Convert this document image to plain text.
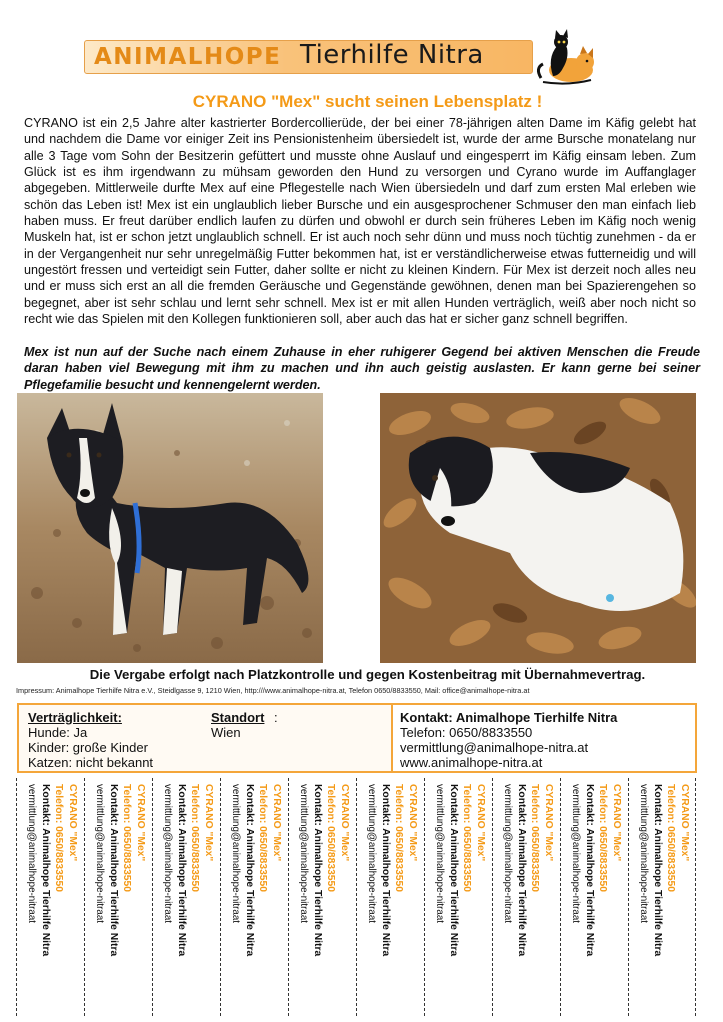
ANIMALHOPE Tierhilfe Nitra
CYRANO "Mex" sucht seinen Lebensplatz !
CYRANO ist ein 2,5 Jahre alter kastrierter Bordercollierüde, der bei einer 78-jährigen alten Dame im Käfig gelebt hat und nachdem die Dame vor einiger Zeit ins Pensionistenheim übersiedelt ist, wurde der arme Bursche monatelang nur alle 3 Tage vom Sohn der Besitzerin gefüttert und musste ohne Auslauf und eingesperrt im Käfig einsam leben. Zum Glück ist es ihm irgendwann zu mühsam geworden den Hund zu versorgen und Cyrano wurde im Auffanglager abgegeben. Mittlerweile durfte Mex auf eine Pflegestelle nach Wien übersiedeln und darf zum ersten Mal erleben wie schön das Leben ist! Mex ist ein unglaublich lieber Bursche und ein ausgesprochener Schmuser den man einfach lieb haben muss. Er freut darüber endlich laufen zu dürfen und obwohl er durch sein früheres Leben im Käfig noch wenig Muskeln hat, ist er schon jetzt unglaublich schnell. Er ist auch noch sehr dünn und muss noch tüchtig zunehmen - da er in der Vergangenheit nur sehr unregelmäßig Futter bekommen hat, ist er verständlicherweise etwas futterneidig und will ungestört fressen und verteidigt sein Futter, daher sollte er nicht zu kleinen Kindern. Für Mex ist derzeit noch alles neu und er muss sich erst an all die fremden Geräusche und Gegenstände gewöhnen, denen man bei Spazierengehen so begegnet, aber ist sehr schlau und lernt sehr schnell. Mex ist er mit allen Hunden verträglich, weiß aber noch nicht so recht wie das Spielen mit den Kollegen funktionieren soll, aber auch das hat er sicher ganz schnell begriffen.
Mex ist nun auf der Suche nach einem Zuhause in eher ruhigerer Gegend bei aktiven Menschen die Freude daran haben viel Bewegung mit ihm zu machen und ihn auch geistig auslasten. Er kann gerne bei seiner Pflegefamilie besucht und kennengelernt werden.
Die Vergabe erfolgt nach Platzkontrolle und gegen Kostenbeitrag mit Übernahmevertrag.
Impressum: Animalhope Tierhilfe Nitra e.V., Steidlgasse 9, 1210 Wien, http:///www.animalhope-nitra.at, Telefon 0650/8833550, Mail: office@animalhope-nitra.at
Verträglichkeit:	Standort :
Hunde: Ja	Wien
Kinder: große Kinder
Katzen: nicht bekannt
Kontakt: Animalhope Tierhilfe Nitra
Telefon: 0650/8833550
vermittlung@animalhope-nitra.at
www.animalhope-nitra.at
CYRANO "Mex"
Telefon: 0650/8833550
Kontakt: Animalhope Tierhilfe Nitra
vermittlung@animalhope-nitraat	CYRANO "Mex"
Telefon: 0650/8833550
Kontakt: Animalhope Tierhilfe Nitra
vermittlung@animalhope-nitraat	CYRANO "Mex"
Telefon: 0650/8833550
Kontakt: Animalhope Tierhilfe Nitra
vermittlung@animalhope-nitraat	CYRANO "Mex"
Telefon: 0650/8833550
Kontakt: Animalhope Tierhilfe Nitra
vermittlung@animalhope-nitraat	CYRANO "Mex"
Telefon: 0650/8833550
Kontakt: Animalhope Tierhilfe Nitra
vermittlung@animalhope-nitraat	CYRANO "Mex"
Telefon: 0650/8833550
Kontakt: Animalhope Tierhilfe Nitra
vermittlung@animalhope-nitraat	CYRANO "Mex"
Telefon: 0650/8833550
Kontakt: Animalhope Tierhilfe Nitra
vermittlung@animalhope-nitraat	CYRANO "Mex"
Telefon: 0650/8833550
Kontakt: Animalhope Tierhilfe Nitra
vermittlung@animalhope-nitraat	CYRANO "Mex"
Telefon: 0650/8833550
Kontakt: Animalhope Tierhilfe Nitra
vermittlung@animalhope-nitraat	CYRANO "Mex"
Telefon: 0650/8833550
Kontakt: Animalhope Tierhilfe Nitra
vermittlung@animalhope-nitraat
